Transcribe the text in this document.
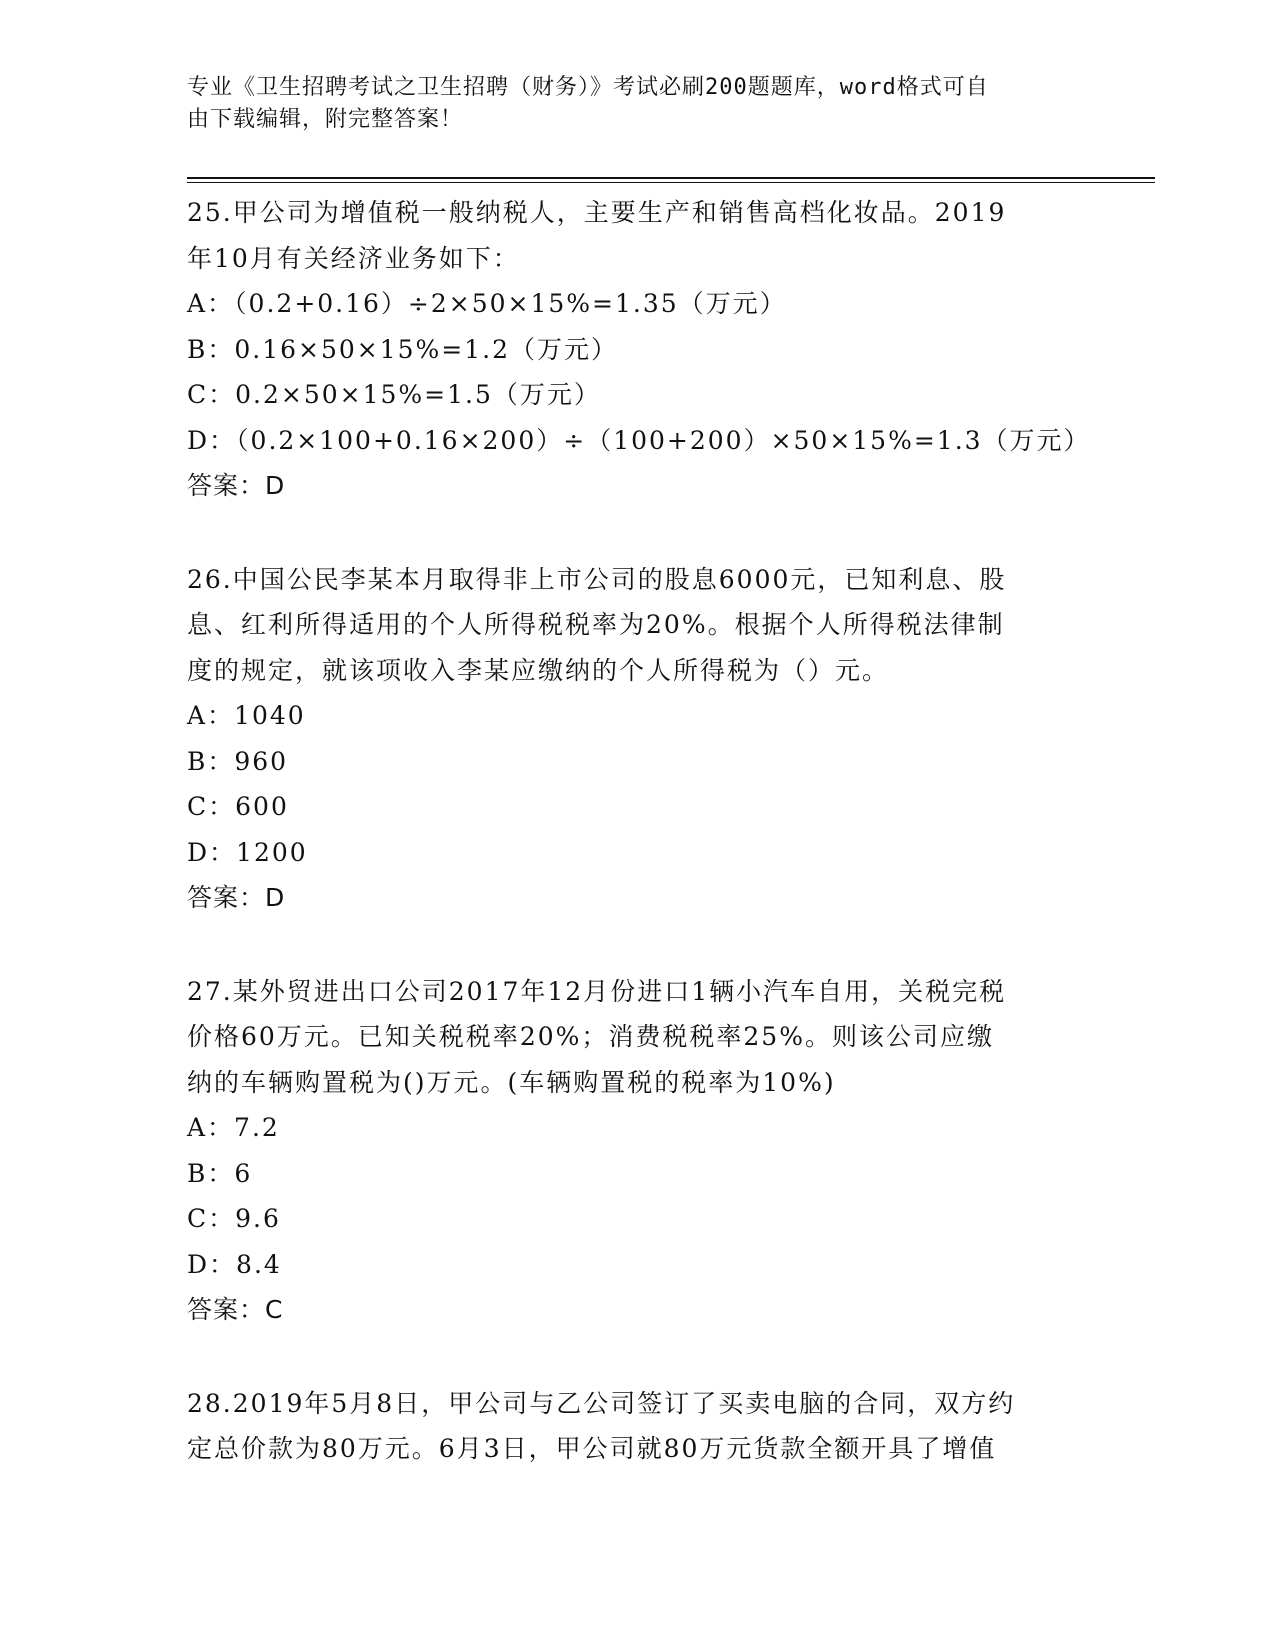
专业《卫生招聘考试之卫生招聘（财务）》考试必刷200题题库，word格式可自
由下载编辑，附完整答案！
25.甲公司为增值税一般纳税人，主要生产和销售高档化妆品。2019
年10月有关经济业务如下：
A：（0.2+0.16）÷2×50×15%=1.35（万元）
B：0.16×50×15%=1.2（万元）
C：0.2×50×15%=1.5（万元）
D：（0.2×100+0.16×200）÷（100+200）×50×15%=1.3（万元）
答案：D
26.中国公民李某本月取得非上市公司的股息6000元，已知利息、股
息、红利所得适用的个人所得税税率为20%。根据个人所得税法律制
度的规定，就该项收入李某应缴纳的个人所得税为（）元。
A：1040
B：960
C：600
D：1200
答案：D
27.某外贸进出口公司2017年12月份进口1辆小汽车自用，关税完税
价格60万元。已知关税税率20%；消费税税率25%。则该公司应缴
纳的车辆购置税为()万元。(车辆购置税的税率为10%)
A：7.2
B：6
C：9.6
D：8.4
答案：C
28.2019年5月8日，甲公司与乙公司签订了买卖电脑的合同，双方约
定总价款为80万元。6月3日，甲公司就80万元货款全额开具了增值
